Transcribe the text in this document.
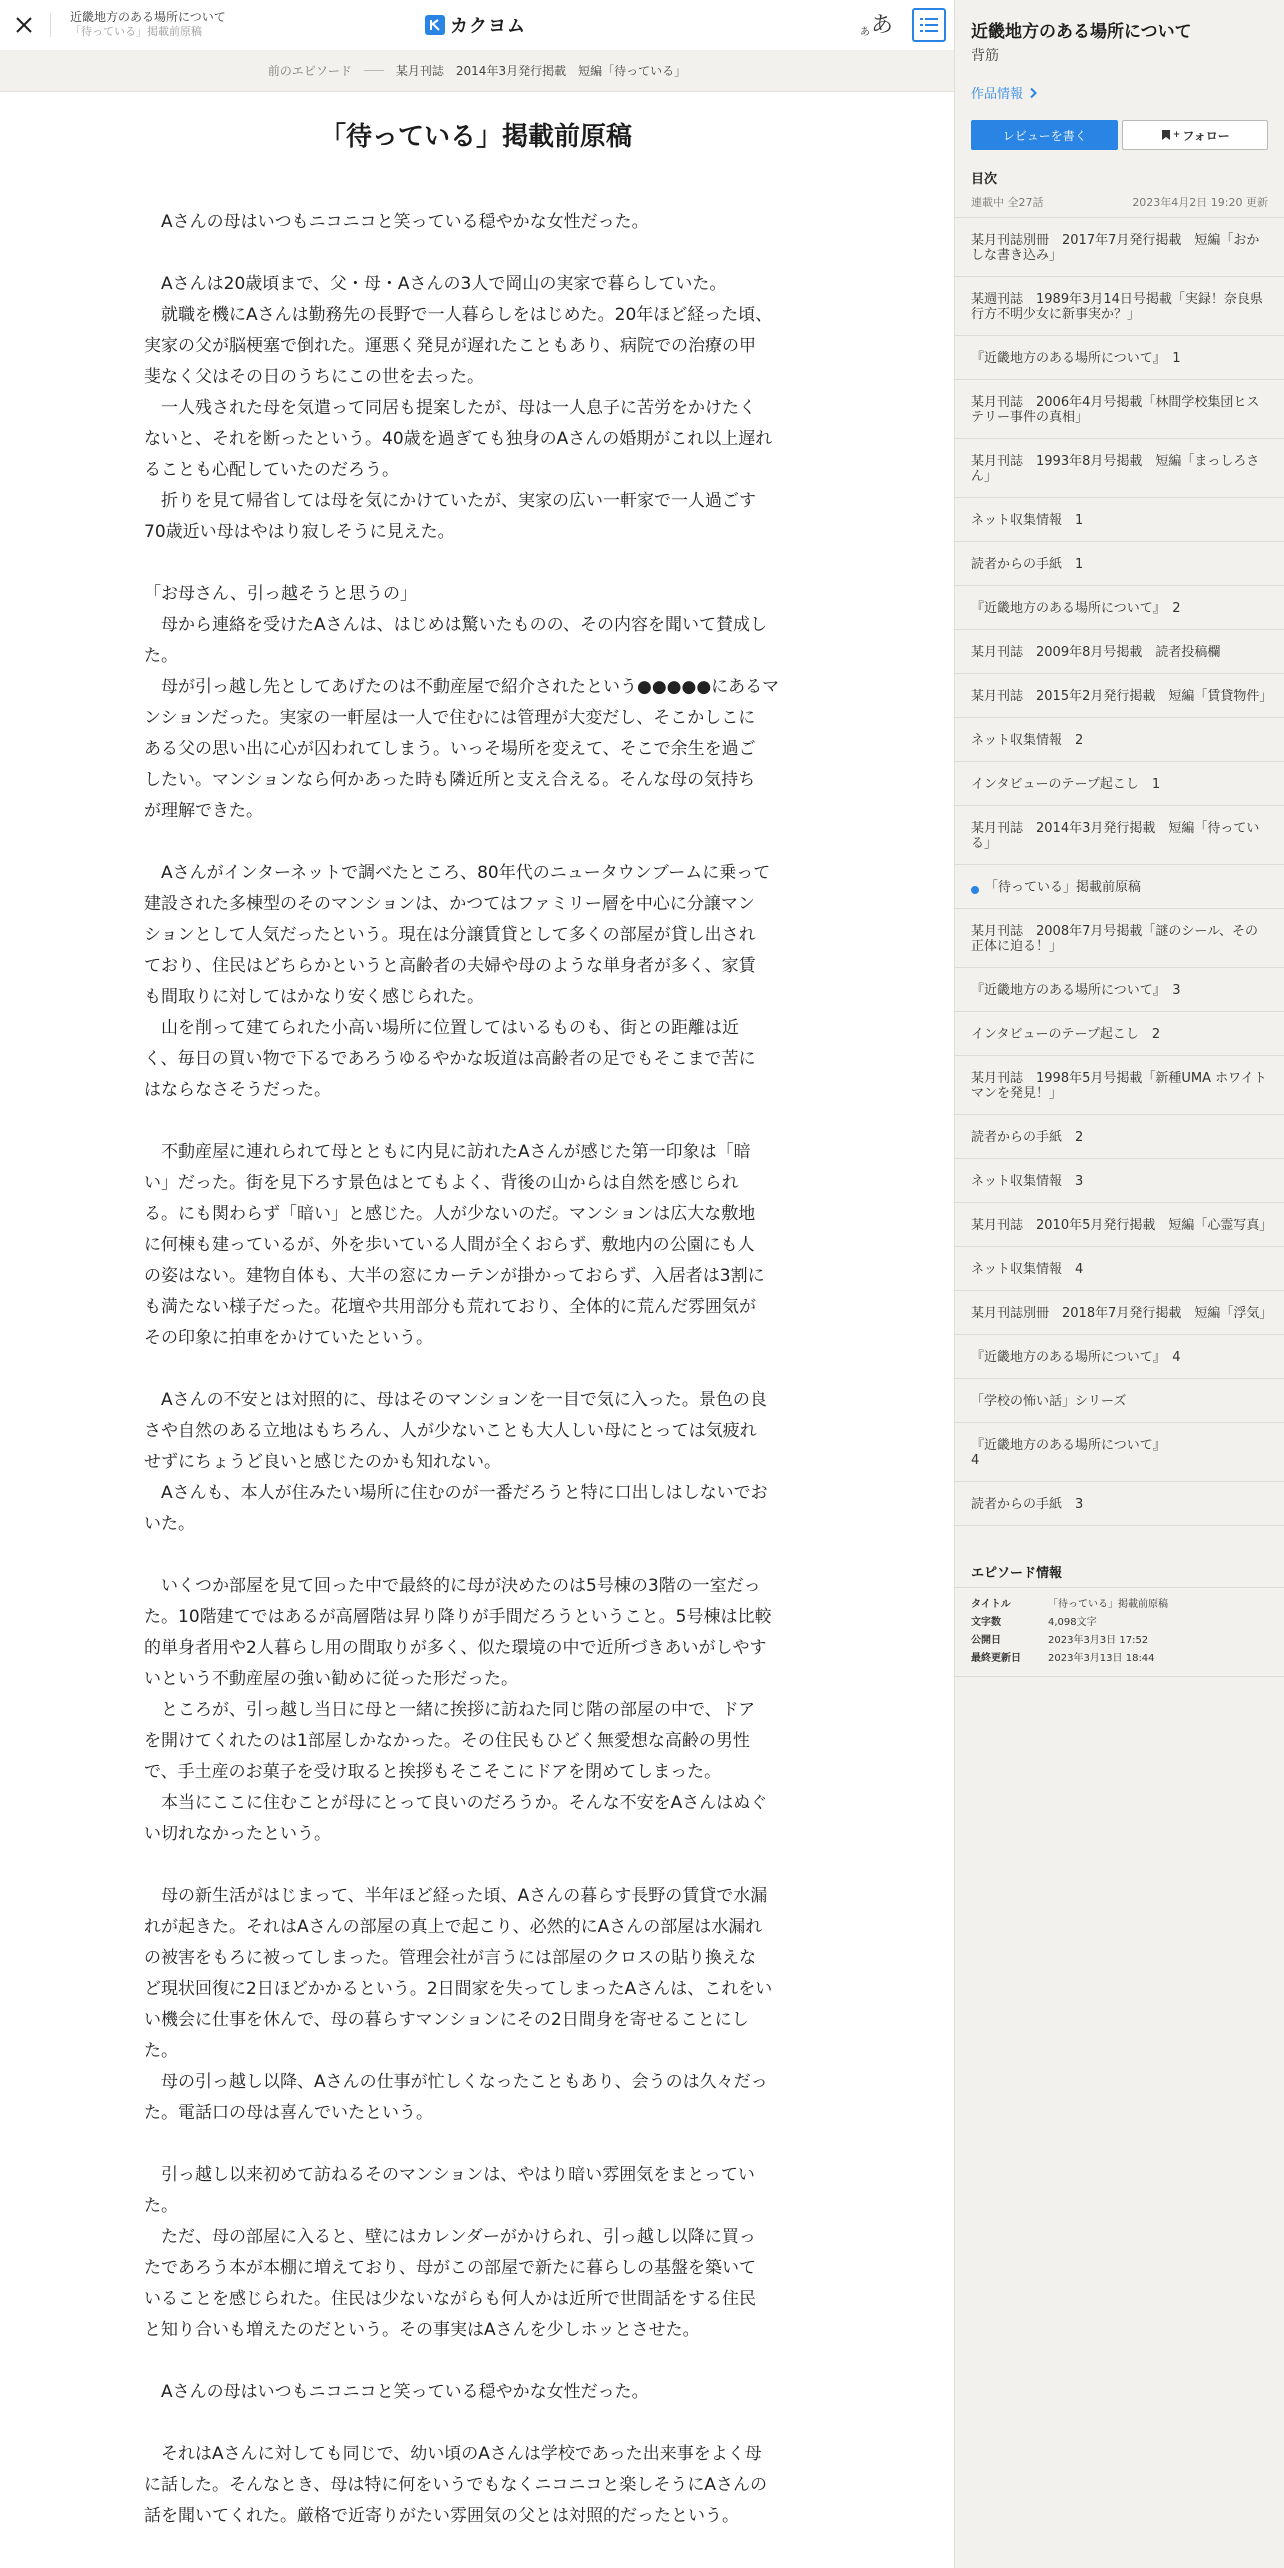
近畿地方のある場所について
「待っている」掲載前原稿	カクヨム	あ あ
前のエピソード	某月刊誌　2014年3月発行掲載　短編「待っている」
「待っている」掲載前原稿

　Aさんの母はいつもニコニコと笑っている穏やかな女性だった。

　Aさんは20歳頃まで、父・母・Aさんの3人で岡山の実家で暮らしていた。

　就職を機にAさんは勤務先の長野で一人暮らしをはじめた。20年ほど経った頃、

実家の父が脳梗塞で倒れた。運悪く発見が遅れたこともあり、病院での治療の甲

斐なく父はその日のうちにこの世を去った。

　一人残された母を気遣って同居も提案したが、母は一人息子に苦労をかけたく

ないと、それを断ったという。40歳を過ぎても独身のAさんの婚期がこれ以上遅れ

ることも心配していたのだろう。

　折りを見て帰省しては母を気にかけていたが、実家の広い一軒家で一人過ごす

70歳近い母はやはり寂しそうに見えた。

「お母さん、引っ越そうと思うの」

　母から連絡を受けたAさんは、はじめは驚いたものの、その内容を聞いて賛成し

た。

　母が引っ越し先としてあげたのは不動産屋で紹介されたという●●●●●にあるマ

ンションだった。実家の一軒屋は一人で住むには管理が大変だし、そこかしこに

ある父の思い出に心が囚われてしまう。いっそ場所を変えて、そこで余生を過ご

したい。マンションなら何かあった時も隣近所と支え合える。そんな母の気持ち

が理解できた。

　Aさんがインターネットで調べたところ、80年代のニュータウンブームに乗って

建設された多棟型のそのマンションは、かつてはファミリー層を中心に分譲マン

ションとして人気だったという。現在は分譲賃貸として多くの部屋が貸し出され

ており、住民はどちらかというと高齢者の夫婦や母のような単身者が多く、家賃

も間取りに対してはかなり安く感じられた。

　山を削って建てられた小高い場所に位置してはいるものも、街との距離は近

く、毎日の買い物で下るであろうゆるやかな坂道は高齢者の足でもそこまで苦に

はならなさそうだった。

　不動産屋に連れられて母とともに内見に訪れたAさんが感じた第一印象は「暗

い」だった。街を見下ろす景色はとてもよく、背後の山からは自然を感じられ

る。にも関わらず「暗い」と感じた。人が少ないのだ。マンションは広大な敷地

に何棟も建っているが、外を歩いている人間が全くおらず、敷地内の公園にも人

の姿はない。建物自体も、大半の窓にカーテンが掛かっておらず、入居者は3割に

も満たない様子だった。花壇や共用部分も荒れており、全体的に荒んだ雰囲気が

その印象に拍車をかけていたという。

　Aさんの不安とは対照的に、母はそのマンションを一目で気に入った。景色の良

さや自然のある立地はもちろん、人が少ないことも大人しい母にとっては気疲れ

せずにちょうど良いと感じたのかも知れない。

　Aさんも、本人が住みたい場所に住むのが一番だろうと特に口出しはしないでお

いた。

　いくつか部屋を見て回った中で最終的に母が決めたのは5号棟の3階の一室だっ

た。10階建てではあるが高層階は昇り降りが手間だろうということ。5号棟は比較

的単身者用や2人暮らし用の間取りが多く、似た環境の中で近所づきあいがしやす

いという不動産屋の強い勧めに従った形だった。

　ところが、引っ越し当日に母と一緒に挨拶に訪ねた同じ階の部屋の中で、ドア

を開けてくれたのは1部屋しかなかった。その住民もひどく無愛想な高齢の男性

で、手土産のお菓子を受け取ると挨拶もそこそこにドアを閉めてしまった。

　本当にここに住むことが母にとって良いのだろうか。そんな不安をAさんはぬぐ

い切れなかったという。

　母の新生活がはじまって、半年ほど経った頃、Aさんの暮らす長野の賃貸で水漏

れが起きた。それはAさんの部屋の真上で起こり、必然的にAさんの部屋は水漏れ

の被害をもろに被ってしまった。管理会社が言うには部屋のクロスの貼り換えな

ど現状回復に2日ほどかかるという。2日間家を失ってしまったAさんは、これをい

い機会に仕事を休んで、母の暮らすマンションにその2日間身を寄せることにし

た。

　母の引っ越し以降、Aさんの仕事が忙しくなったこともあり、会うのは久々だっ

た。電話口の母は喜んでいたという。

　引っ越し以来初めて訪ねるそのマンションは、やはり暗い雰囲気をまとってい

た。

　ただ、母の部屋に入ると、壁にはカレンダーがかけられ、引っ越し以降に買っ

たであろう本が本棚に増えており、母がこの部屋で新たに暮らしの基盤を築いて

いることを感じられた。住民は少ないながらも何人かは近所で世間話をする住民

と知り合いも増えたのだという。その事実はAさんを少しホッとさせた。

　Aさんの母はいつもニコニコと笑っている穏やかな女性だった。

　それはAさんに対しても同じで、幼い頃のAさんは学校であった出来事をよく母

に話した。そんなとき、母は特に何をいうでもなくニコニコと楽しそうにAさんの

話を聞いてくれた。厳格で近寄りがたい雰囲気の父とは対照的だったという。

近畿地方のある場所について
背筋
作品情報
レビューを書く	+ フォロー
目次
連載中 全27話	2023年4月2日 19:20 更新
某月刊誌別冊　2017年7月発行掲載　短編「おかしな書き込み」
某週刊誌　1989年3月14日号掲載「実録！奈良県行方不明少女に新事実か？」
『近畿地方のある場所について』　1
某月刊誌　2006年4月号掲載「林間学校集団ヒステリー事件の真相」
某月刊誌　1993年8月号掲載　短編「まっしろさん」
ネット収集情報　1
読者からの手紙　1
『近畿地方のある場所について』　2
某月刊誌　2009年8月号掲載　読者投稿欄
某月刊誌　2015年2月発行掲載　短編「賃貸物件」
ネット収集情報　2
インタビューのテープ起こし　1
某月刊誌　2014年3月発行掲載　短編「待っている」
「待っている」掲載前原稿
某月刊誌　2008年7月号掲載「謎のシール、その正体に迫る！」
『近畿地方のある場所について』　3
インタビューのテープ起こし　2
某月刊誌　1998年5月号掲載「新種UMA ホワイトマンを発見！」
読者からの手紙　2
ネット収集情報　3
某月刊誌　2010年5月発行掲載　短編「心霊写真」
ネット収集情報　4
某月刊誌別冊　2018年7月発行掲載　短編「浮気」
『近畿地方のある場所について』　4
「学校の怖い話」シリーズ
『近畿地方のある場所について』
4
読者からの手紙　3
エピソード情報
タイトル	「待っている」掲載前原稿
文字数	4,098文字
公開日	2023年3月3日 17:52
最終更新日	2023年3月13日 18:44
